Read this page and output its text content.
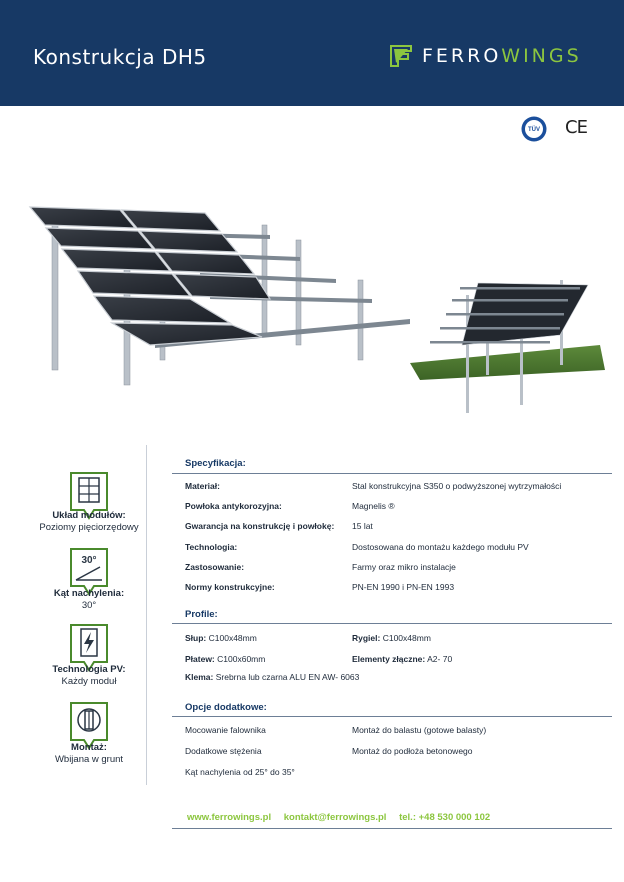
Konstrukcja DH5	FERROWINGS
TÜV CE
Układ modułów:
Poziomy pięciorzędowy
30°
Kąt nachylenia:
30°
Technologia PV:
Każdy moduł
Montaż:
Wbijana w grunt
Specyfikacja:
Materiał:	Stal konstrukcyjna S350 o podwyższonej wytrzymałości
Powłoka antykorozyjna:	Magnelis ®
Gwarancja na konstrukcję i powłokę: 15 lat
Technologia:	Dostosowana do montażu każdego modułu PV
Zastosowanie:	Farmy oraz mikro instalacje
Normy konstrukcyjne:	PN-EN 1990 i PN-EN 1993
Profile:
Słup: C100x48mm	Rygiel: C100x48mm
Płatew: C100x60mm	Elementy złączne: A2- 70
Klema: Srebrna lub czarna ALU EN AW- 6063
Opcje dodatkowe:
Mocowanie falownika	Montaż do balastu (gotowe balasty)
Dodatkowe stężenia	Montaż do podłoża betonowego
Kąt nachylenia od 25° do 35°
www.ferrowings.pl kontakt@ferrowings.pl tel.: +48 530 000 102
